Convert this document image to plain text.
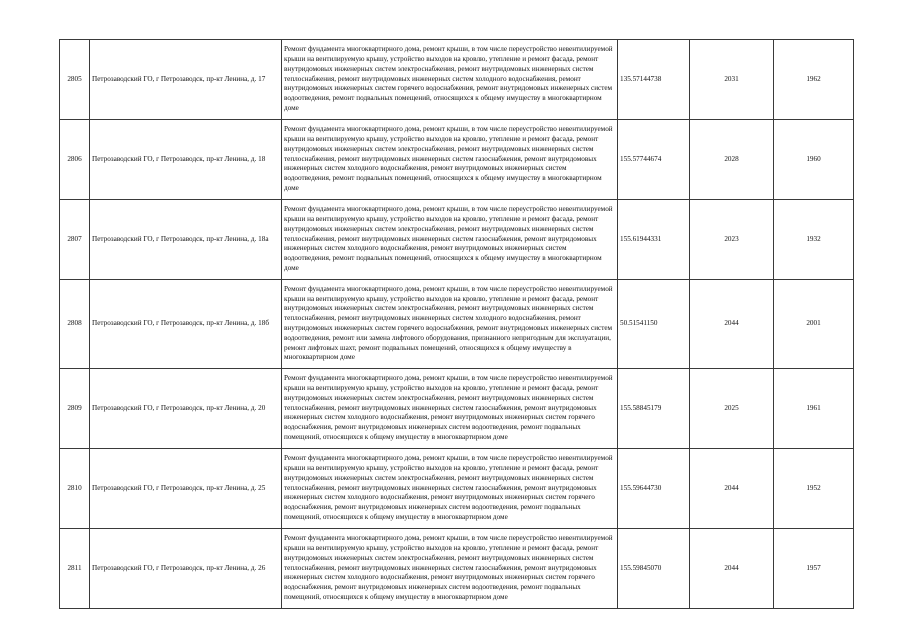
2805	Петрозаводский ГО, г Петрозаводск, пр-кт Ленина, д. 17	Ремонт фундамента многоквартирного дома, ремонт крыши, в том числе переустройство невентилируемой крыши на вентилируемую крышу, устройство выходов на кровлю, утепление и ремонт фасада, ремонт внутридомовых инженерных систем электроснабжения, ремонт внутридомовых инженерных систем теплоснабжения, ремонт внутридомовых инженерных систем холодного водоснабжения, ремонт внутридомовых инженерных систем горячего водоснабжения, ремонт внутридомовых инженерных систем водоотведения, ремонт подвальных помещений, относящихся к общему имуществу в многоквартирном доме	135.57144738	2031	1962
2806	Петрозаводский ГО, г Петрозаводск, пр-кт Ленина, д. 18	Ремонт фундамента многоквартирного дома, ремонт крыши, в том числе переустройство невентилируемой крыши на вентилируемую крышу, устройство выходов на кровлю, утепление и ремонт фасада, ремонт внутридомовых инженерных систем электроснабжения, ремонт внутридомовых инженерных систем теплоснабжения, ремонт внутридомовых инженерных систем газоснабжения, ремонт внутридомовых инженерных систем холодного водоснабжения, ремонт внутридомовых инженерных систем водоотведения, ремонт подвальных помещений, относящихся к общему имуществу в многоквартирном доме	155.57744674	2028	1960
2807	Петрозаводский ГО, г Петрозаводск, пр-кт Ленина, д. 18а	Ремонт фундамента многоквартирного дома, ремонт крыши, в том числе переустройство невентилируемой крыши на вентилируемую крышу, устройство выходов на кровлю, утепление и ремонт фасада, ремонт внутридомовых инженерных систем электроснабжения, ремонт внутридомовых инженерных систем теплоснабжения, ремонт внутридомовых инженерных систем газоснабжения, ремонт внутридомовых инженерных систем холодного водоснабжения, ремонт внутридомовых инженерных систем водоотведения, ремонт подвальных помещений, относящихся к общему имуществу в многоквартирном доме	155.61944331	2023	1932
2808	Петрозаводский ГО, г Петрозаводск, пр-кт Ленина, д. 18б	Ремонт фундамента многоквартирного дома, ремонт крыши, в том числе переустройство невентилируемой крыши на вентилируемую крышу, устройство выходов на кровлю, утепление и ремонт фасада, ремонт внутридомовых инженерных систем электроснабжения, ремонт внутридомовых инженерных систем теплоснабжения, ремонт внутридомовых инженерных систем холодного водоснабжения, ремонт внутридомовых инженерных систем горячего водоснабжения, ремонт внутридомовых инженерных систем водоотведения, ремонт или замена лифтового оборудования, признанного непригодным для эксплуатации, ремонт лифтовых шахт, ремонт подвальных помещений, относящихся к общему имуществу в многоквартирном доме	50.51541150	2044	2001
2809	Петрозаводский ГО, г Петрозаводск, пр-кт Ленина, д. 20	Ремонт фундамента многоквартирного дома, ремонт крыши, в том числе переустройство невентилируемой крыши на вентилируемую крышу, устройство выходов на кровлю, утепление и ремонт фасада, ремонт внутридомовых инженерных систем электроснабжения, ремонт внутридомовых инженерных систем теплоснабжения, ремонт внутридомовых инженерных систем газоснабжения, ремонт внутридомовых инженерных систем холодного водоснабжения, ремонт внутридомовых инженерных систем горячего водоснабжения, ремонт внутридомовых инженерных систем водоотведения, ремонт подвальных помещений, относящихся к общему имуществу в многоквартирном доме	155.58845179	2025	1961
2810	Петрозаводский ГО, г Петрозаводск, пр-кт Ленина, д. 25	Ремонт фундамента многоквартирного дома, ремонт крыши, в том числе переустройство невентилируемой крыши на вентилируемую крышу, устройство выходов на кровлю, утепление и ремонт фасада, ремонт внутридомовых инженерных систем электроснабжения, ремонт внутридомовых инженерных систем теплоснабжения, ремонт внутридомовых инженерных систем газоснабжения, ремонт внутридомовых инженерных систем холодного водоснабжения, ремонт внутридомовых инженерных систем горячего водоснабжения, ремонт внутридомовых инженерных систем водоотведения, ремонт подвальных помещений, относящихся к общему имуществу в многоквартирном доме	155.59644730	2044	1952
2811	Петрозаводский ГО, г Петрозаводск, пр-кт Ленина, д. 26	Ремонт фундамента многоквартирного дома, ремонт крыши, в том числе переустройство невентилируемой крыши на вентилируемую крышу, устройство выходов на кровлю, утепление и ремонт фасада, ремонт внутридомовых инженерных систем электроснабжения, ремонт внутридомовых инженерных систем теплоснабжения, ремонт внутридомовых инженерных систем газоснабжения, ремонт внутридомовых инженерных систем холодного водоснабжения, ремонт внутридомовых инженерных систем горячего водоснабжения, ремонт внутридомовых инженерных систем водоотведения, ремонт подвальных помещений, относящихся к общему имуществу в многоквартирном доме	155.59845070	2044	1957
